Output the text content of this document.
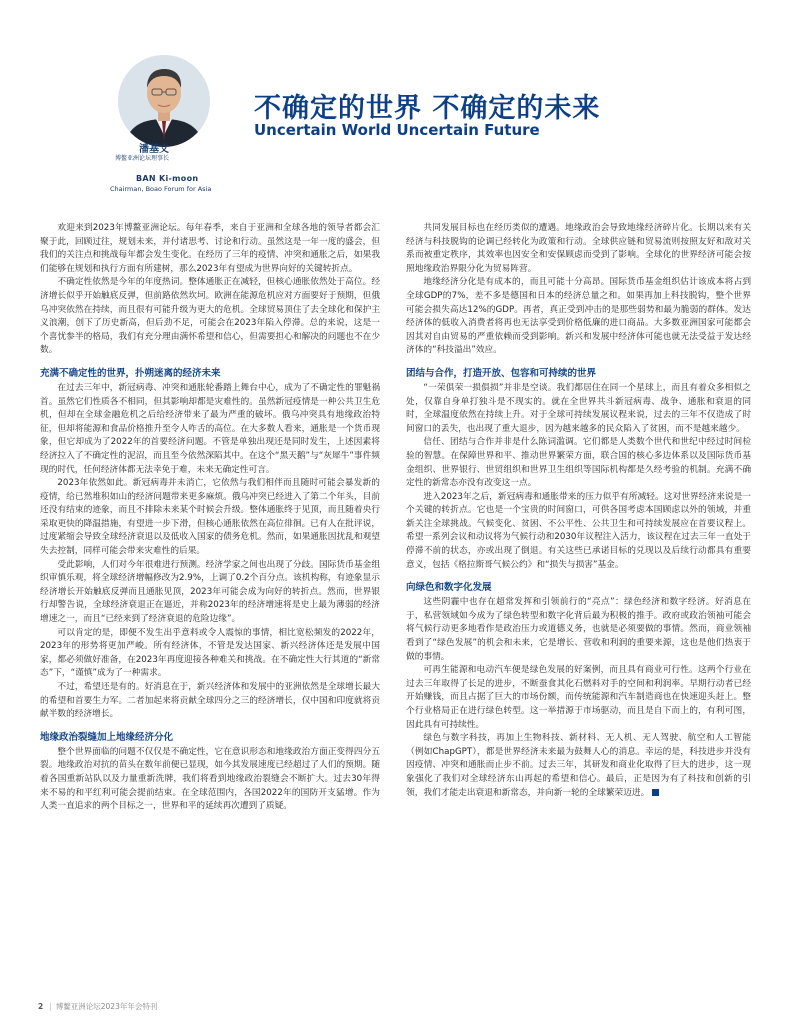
潘基文
博鳌亚洲论坛理事长
BAN Ki-moon
Chairman, Boao Forum for Asia
不确定的世界 不确定的未来
Uncertain World Uncertain Future

欢迎来到2023年博鳌亚洲论坛。每年春季，来自于亚洲和全球各地的领导者都会汇聚于此，回顾过往，规划未来，并付诸思考、讨论和行动。虽然这是一年一度的盛会，但我们的关注点和挑战每年都会发生变化。在经历了三年的疫情、冲突和通胀之后，如果我们能够在规划和执行方面有所建树，那么2023年有望成为世界向好的关键转折点。

不确定性依然是今年的年度热词。整体通胀正在减轻，但核心通胀依然处于高位。经济增长似乎开始触底反弹，但前路依然坎坷。欧洲在能源危机应对方面要好于预期，但俄乌冲突依然在持续，而且很有可能升级为更大的危机。全球贸易顶住了去全球化和保护主义浪潮，创下了历史新高，但后劲不足，可能会在2023年陷入停滞。总的来说，这是一个喜忧参半的格局，我们有充分理由满怀希望和信心，但需要担心和解决的问题也不在少数。

充满不确定性的世界，扑朔迷离的经济未来

在过去三年中，新冠病毒、冲突和通胀轮番踏上舞台中心，成为了不确定性的罪魁祸首。虽然它们性质各不相同，但其影响却都是灾难性的。虽然新冠疫情是一种公共卫生危机，但却在全球金融危机之后给经济带来了最为严重的破坏。俄乌冲突具有地缘政治特征，但却将能源和食品价格推升至令人咋舌的高位。在大多数人看来，通胀是一个货币现象，但它却成为了2022年的首要经济问题。不管是单独出现还是同时发生，上述因素将经济拉入了不确定性的泥沼，而且至今依然深陷其中。在这个“黑天鹅”与“灰犀牛”事件频现的时代，任何经济体都无法幸免于难，未来无确定性可言。

2023年依然如此。新冠病毒并未消亡，它依然与我们相伴而且随时可能会暴发新的疫情，给已然堆积如山的经济问题带来更多麻烦。俄乌冲突已经进入了第二个年头，目前还没有结束的迹象，而且不排除未来某个时候会升级。整体通胀终于见顶，而且随着央行采取更快的降温措施，有望进一步下滑，但核心通胀依然在高位徘徊。已有人在批评说，过度紧缩会导致全球经济衰退以及低收入国家的债务危机。然而，如果通胀因扰乱和观望失去控制，同样可能会带来灾难性的后果。

受此影响，人们对今年很难进行预测。经济学家之间也出现了分歧。国际货币基金组织审慎乐观，将全球经济增幅修改为2.9%，上调了0.2个百分点。该机构称，有迹象显示经济增长开始触底反弹而且通胀见顶，2023年可能会成为向好的转折点。然而，世界银行却警告说，全球经济衰退正在逼近，并称2023年的经济增速将是史上最为薄弱的经济增速之一，而且“已经来到了经济衰退的危险边缘”。

可以肯定的是，即便不发生出乎意料或令人震惊的事情，相比宽松频发的2022年，2023年的形势将更加严峻。所有经济体，不管是发达国家、新兴经济体还是发展中国家，都必须做好准备，在2023年再度迎接各种难关和挑战。在不确定性大行其道的“新常态”下，“谨慎”成为了一种需求。

不过，希望还是有的。好消息在于，新兴经济体和发展中的亚洲依然是全球增长最大的希望和首要生力军。二者加起来将贡献全球四分之三的经济增长，仅中国和印度就将贡献半数的经济增长。

地缘政治裂缝加上地缘经济分化

整个世界面临的问题不仅仅是不确定性，它在意识形态和地缘政治方面正变得四分五裂。地缘政治对抗的苗头在数年前便已显现，如今其发展速度已经超过了人们的预期。随着各国重新站队以及力量重新洗牌，我们将看到地缘政治裂缝会不断扩大。过去30年得来不易的和平红利可能会提前结束。在全球范围内，各国2022年的国防开支猛增。作为人类一直追求的两个目标之一，世界和平的延续再次遭到了质疑。

共同发展目标也在经历类似的遭遇。地缘政治会导致地缘经济碎片化。长期以来有关经济与科技脱钩的论调已经转化为政策和行动。全球供应链和贸易流则按照友好和敌对关系而被重定秩序，其效率也因安全和安保顾虑而受到了影响。全球化的世界经济可能会按照地缘政治界限分化为贸易阵营。

地缘经济分化是有成本的，而且可能十分高昂。国际货币基金组织估计该成本将占到全球GDP的7%，差不多是德国和日本的经济总量之和。如果再加上科技脱钩，整个世界可能会损失高达12%的GDP。再者，真正受到冲击的是那些弱势和最为脆弱的群体。发达经济体的低收入消费者将再也无法享受到价格低廉的进口商品。大多数亚洲国家可能都会因其对自由贸易的严重依赖而受到影响。新兴和发展中经济体可能也就无法受益于发达经济体的“科技溢出”效应。

团结与合作，打造开放、包容和可持续的世界

“一荣俱荣一损俱损”并非是空谈。我们都居住在同一个星球上，而且有着众多相似之处，仅靠自身单打独斗是不现实的。就在全世界共斗新冠病毒、战争、通胀和衰退的同时，全球温度依然在持续上升。对于全球可持续发展议程来说，过去的三年不仅造成了时间窗口的丢失，也出现了重大退步，因为越来越多的民众陷入了贫困，而不是越来越少。

信任、团结与合作并非是什么陈词滥调。它们都是人类数个世代和世纪中经过时间检验的智慧。在保障世界和平、推动世界繁荣方面，联合国的核心多边体系以及国际货币基金组织、世界银行、世贸组织和世界卫生组织等国际机构都是久经考验的机制。充满不确定性的新常态亦没有改变这一点。

进入2023年之后，新冠病毒和通胀带来的压力似乎有所减轻。这对世界经济来说是一个关键的转折点。它也是一个宝贵的时间窗口，可供各国考虑本国顾虑以外的领域，并重新关注全球挑战。气候变化、贫困、不公平性、公共卫生和可持续发展应在首要议程上。希望一系列会议和动议将为气候行动和2030年议程注入活力，该议程在过去三年一直处于停滞不前的状态，亦或出现了倒退。有关这些已承诺目标的兑现以及后续行动都具有重要意义，包括《格拉斯哥气候公约》和“损失与损害”基金。

向绿色和数字化发展

这些阴霾中也存在超常发挥和引领前行的“亮点”：绿色经济和数字经济。好消息在于，私营领域如今成为了绿色转型和数字化背后最为积极的推手。政府或政治领袖可能会将气候行动更多地看作是政治压力或道德义务，也就是必须要做的事情。然而，商业领袖看到了“绿色发展”的机会和未来，它是增长、营收和利润的重要来源，这也是他们热衷于做的事情。

可再生能源和电动汽车便是绿色发展的好案例，而且具有商业可行性。这两个行业在过去三年取得了长足的进步，不断蚕食其化石燃料对手的空间和利润率。早期行动者已经开始赚钱，而且占据了巨大的市场份额，而传统能源和汽车制造商也在快速迎头赶上。整个行业格局正在进行绿色转型。这一举措源于市场驱动，而且是自下而上的，有利可图，因此具有可持续性。

绿色与数字科技，再加上生物科技、新材料、无人机、无人驾驶、航空和人工智能（例如ChapGPT），都是世界经济未来最为鼓舞人心的消息。幸运的是，科技进步并没有因疫情、冲突和通胀而止步不前。过去三年，其研发和商业化取得了巨大的进步，这一现象强化了我们对全球经济东山再起的希望和信心。最后，正是因为有了科技和创新的引领，我们才能走出衰退和新常态，并向新一轮的全球繁荣迈进。

2 | 博鳌亚洲论坛2023年年会特刊
